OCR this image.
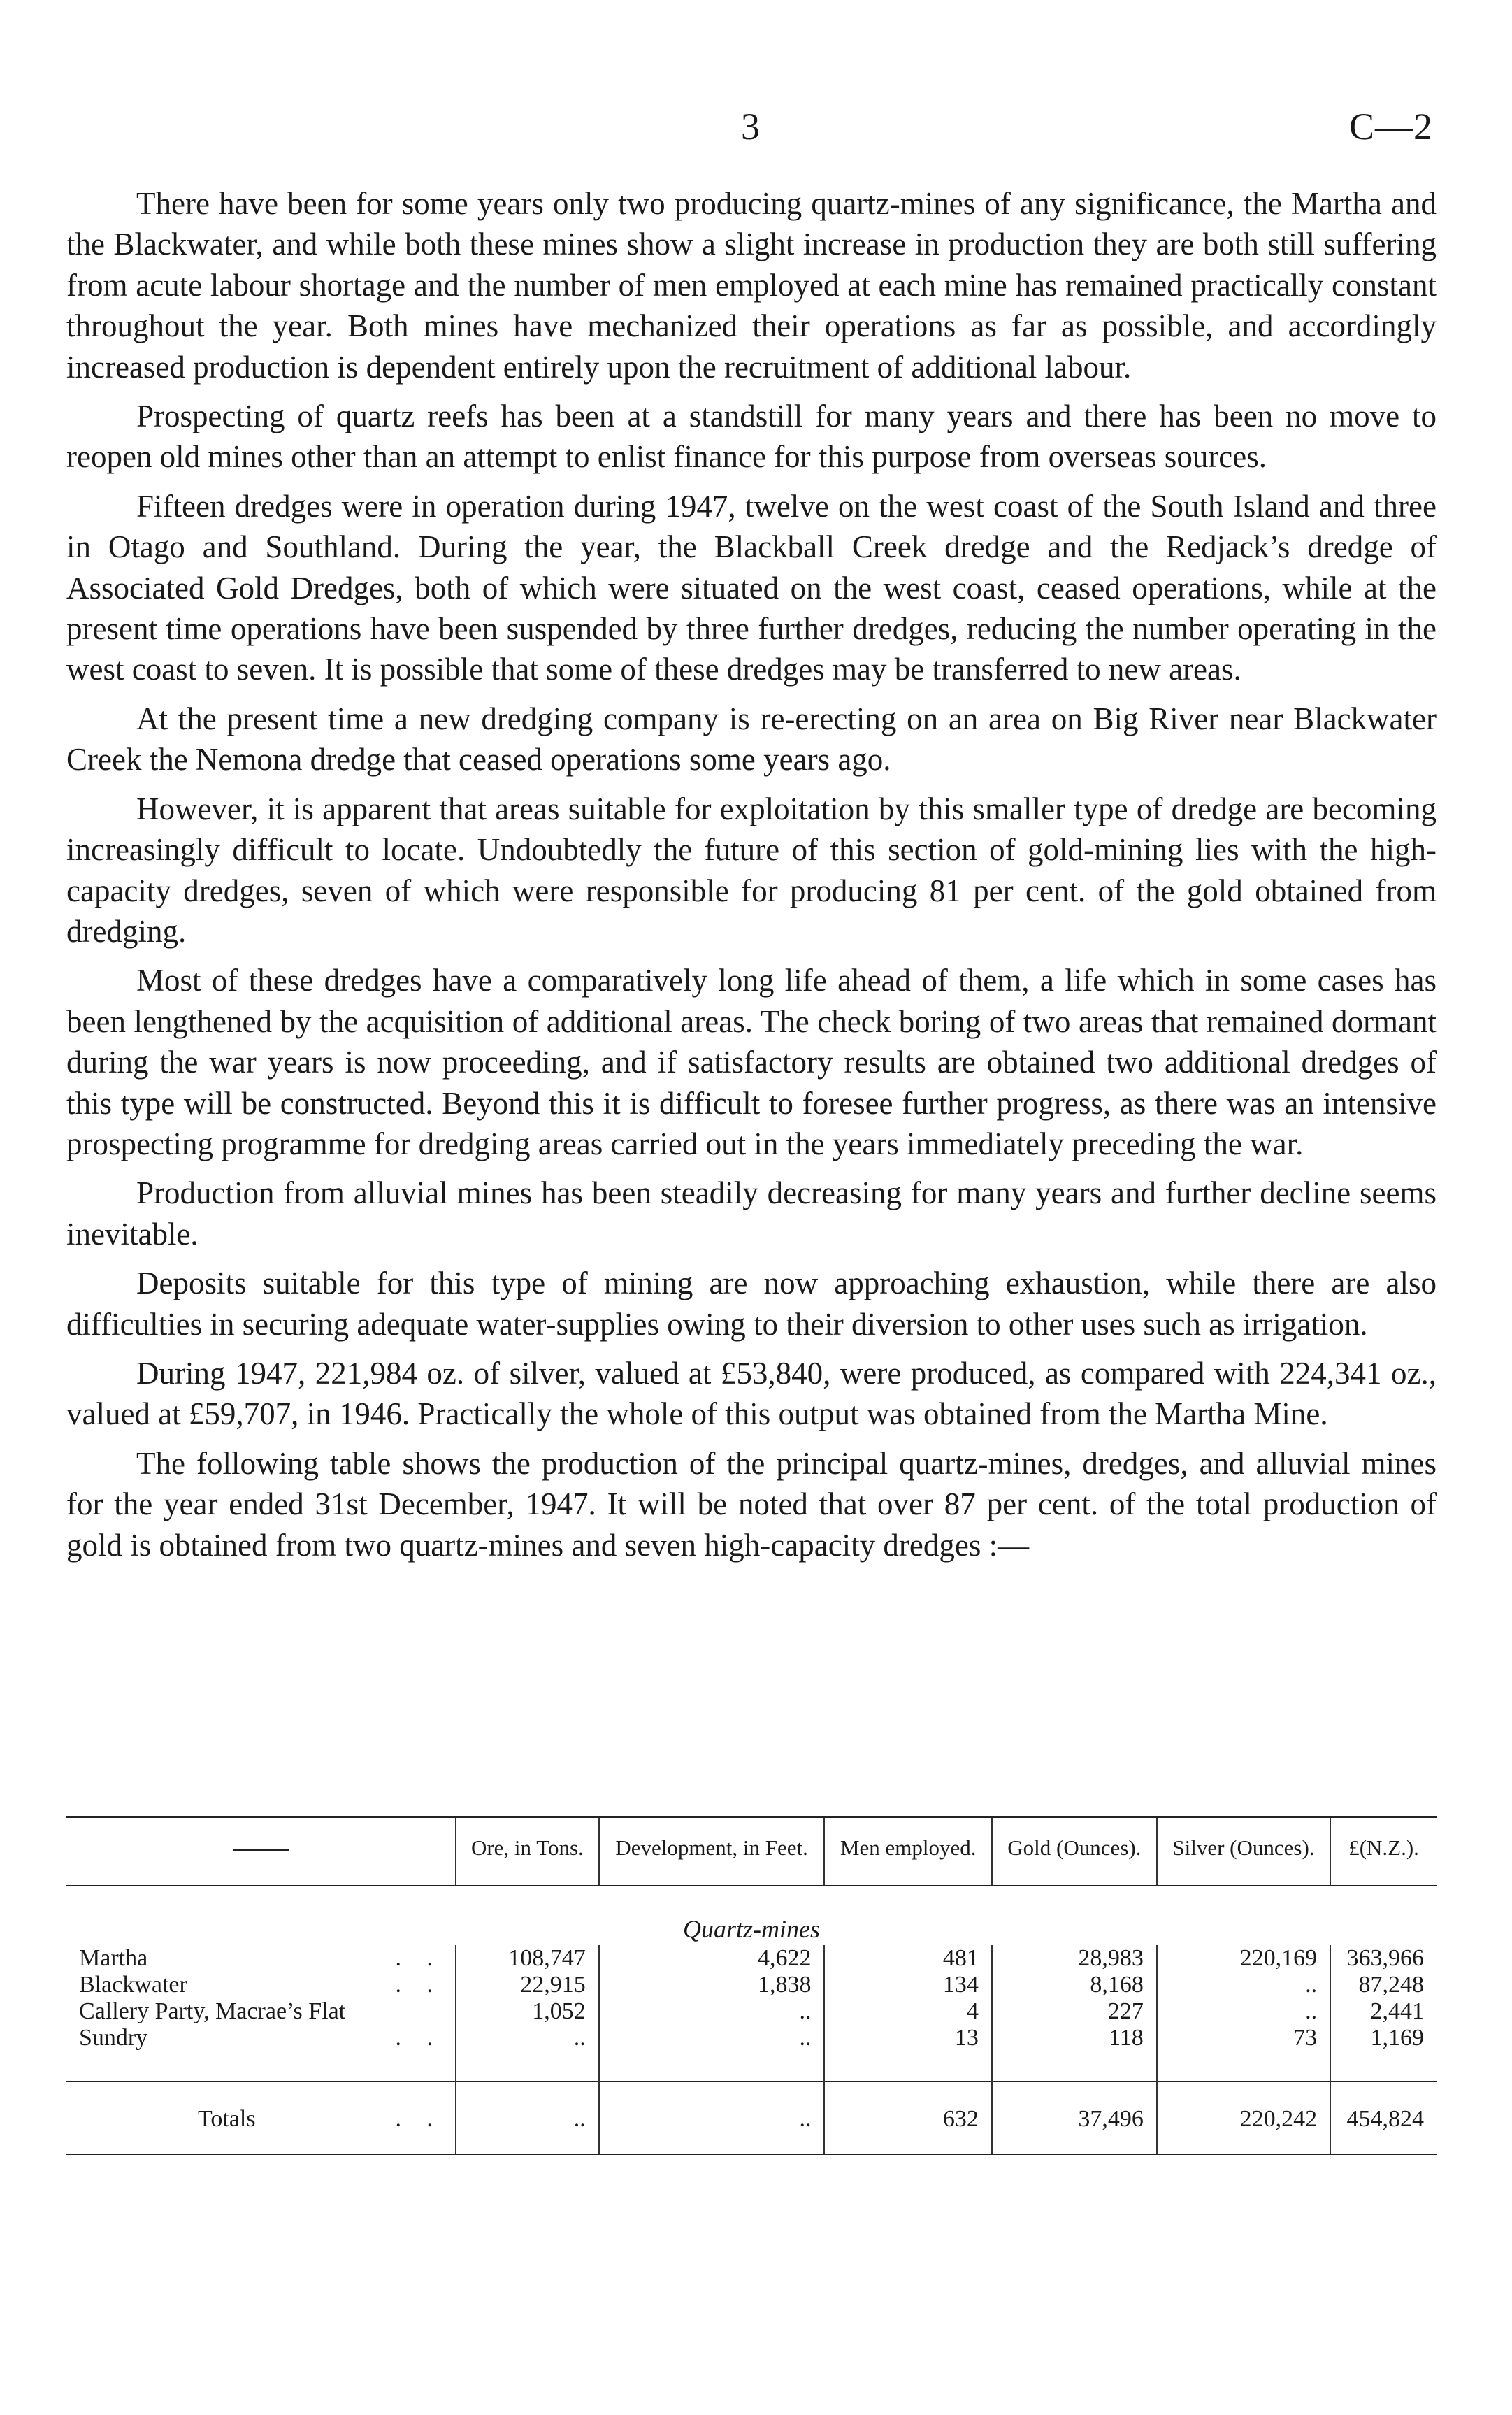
3	C—2

There have been for some years only two producing quartz-mines of any significance, the Martha and the Blackwater, and while both these mines show a slight increase in production they are both still suffering from acute labour shortage and the number of men employed at each mine has remained practically constant throughout the year. Both mines have mechanized their operations as far as possible, and accordingly increased production is dependent entirely upon the recruitment of additional labour.

Prospecting of quartz reefs has been at a standstill for many years and there has been no move to reopen old mines other than an attempt to enlist finance for this purpose from overseas sources.

Fifteen dredges were in operation during 1947, twelve on the west coast of the South Island and three in Otago and Southland. During the year, the Blackball Creek dredge and the Redjack’s dredge of Associated Gold Dredges, both of which were situated on the west coast, ceased operations, while at the present time operations have been suspended by three further dredges, reducing the number operating in the west coast to seven. It is possible that some of these dredges may be transferred to new areas.

At the present time a new dredging company is re-erecting on an area on Big River near Blackwater Creek the Nemona dredge that ceased operations some years ago.

However, it is apparent that areas suitable for exploitation by this smaller type of dredge are becoming increasingly difficult to locate. Undoubtedly the future of this section of gold-mining lies with the high-capacity dredges, seven of which were responsible for producing 81 per cent. of the gold obtained from dredging.

Most of these dredges have a comparatively long life ahead of them, a life which in some cases has been lengthened by the acquisition of additional areas. The check boring of two areas that remained dormant during the war years is now proceeding, and if satisfactory results are obtained two additional dredges of this type will be constructed. Beyond this it is difficult to foresee further progress, as there was an intensive prospecting programme for dredging areas carried out in the years immediately preceding the war.

Production from alluvial mines has been steadily decreasing for many years and further decline seems inevitable.

Deposits suitable for this type of mining are now approaching exhaustion, while there are also difficulties in securing adequate water-supplies owing to their diversion to other uses such as irrigation.

During 1947, 221,984 oz. of silver, valued at £53,840, were produced, as compared with 224,341 oz., valued at £59,707, in 1946. Practically the whole of this output was obtained from the Martha Mine.

The following table shows the production of the principal quartz-mines, dredges, and alluvial mines for the year ended 31st December, 1947. It will be noted that over 87 per cent. of the total production of gold is obtained from two quartz-mines and seven high-capacity dredges :—

	Ore, in Tons.	Development, in Feet.	Men employed.	Gold (Ounces).	Silver (Ounces).	£(N.Z.).
Quartz-mines						

Martha . .	108,747	4,622	481	28,983	220,169	363,966

Blackwater . .	22,915	1,838	134	8,168	..	87,248

Callery Party, Macrae’s Flat	1,052	..	4	227	..	2,441

Sundry . .	..	..	13	118	73	1,169

Totals . .	..	..	632	37,496	220,242	454,824
